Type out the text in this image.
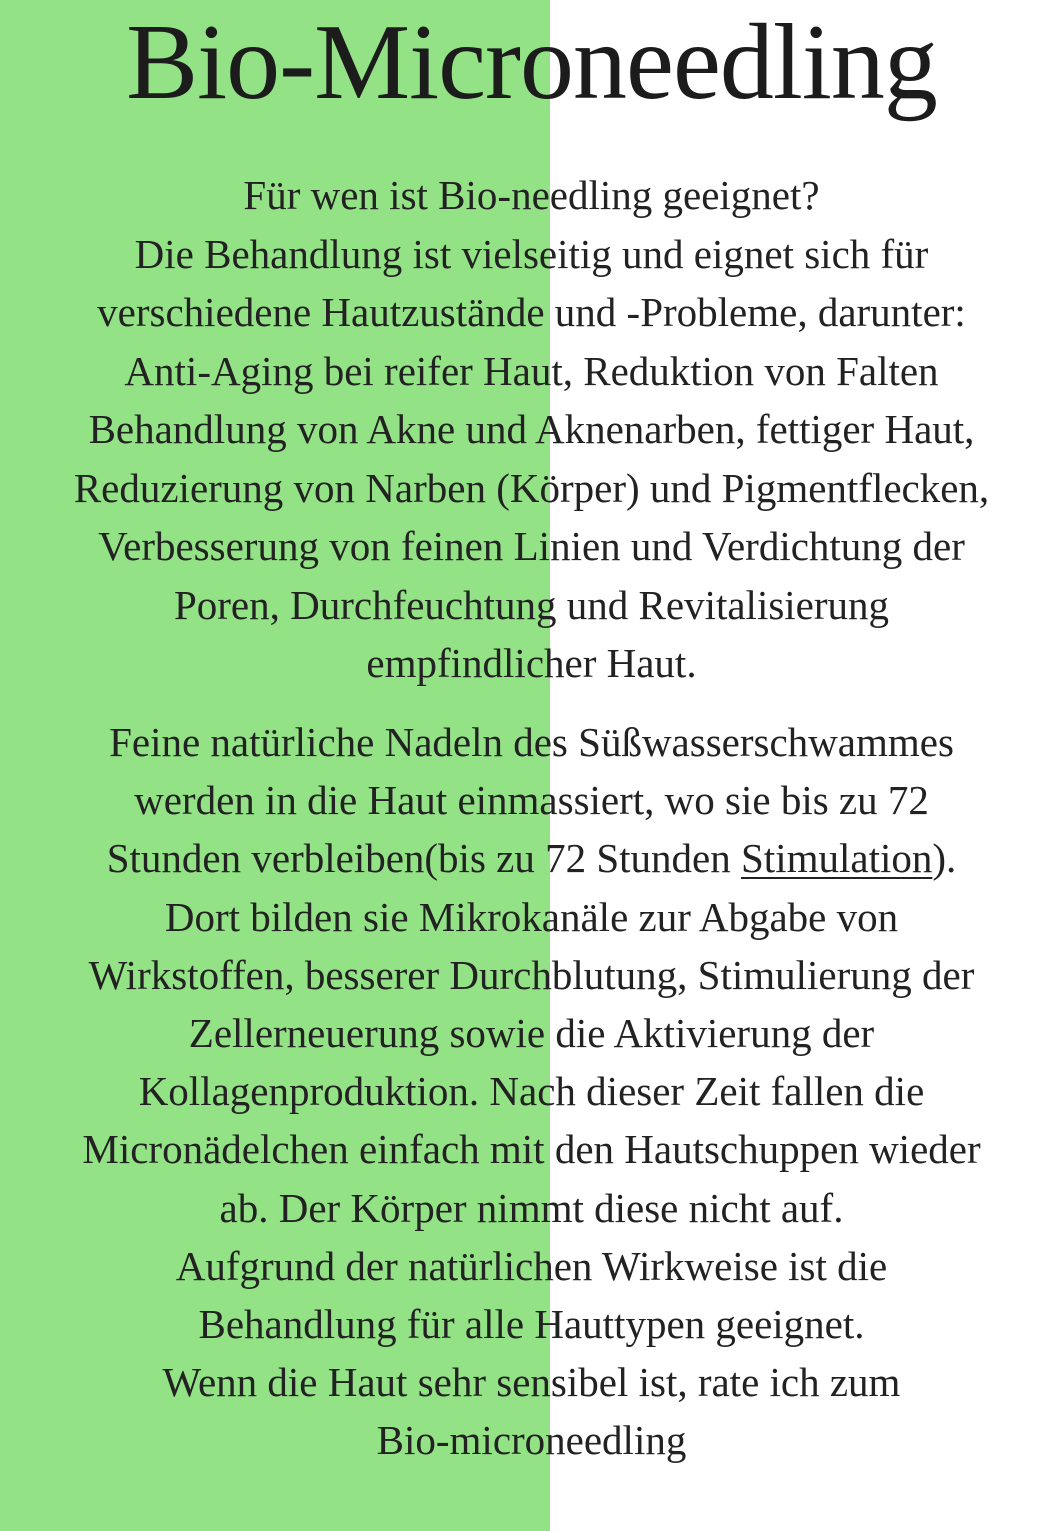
Bio-Microneedling
Für wen ist Bio-needling geeignet?
Die Behandlung ist vielseitig und eignet sich für
verschiedene Hautzustände und -Probleme, darunter:
Anti-Aging bei reifer Haut, Reduktion von Falten
Behandlung von Akne und Aknenarben, fettiger Haut,
Reduzierung von Narben (Körper) und Pigmentflecken,
Verbesserung von feinen Linien und Verdichtung der
Poren, Durchfeuchtung und Revitalisierung
empfindlicher Haut.
Feine natürliche Nadeln des Süßwasserschwammes
werden in die Haut einmassiert, wo sie bis zu 72
Stunden verbleiben(bis zu 72 Stunden Stimulation).
Dort bilden sie Mikrokanäle zur Abgabe von
Wirkstoffen, besserer Durchblutung, Stimulierung der
Zellerneuerung sowie die Aktivierung der
Kollagenproduktion. Nach dieser Zeit fallen die
Micronädelchen einfach mit den Hautschuppen wieder
ab. Der Körper nimmt diese nicht auf.
Aufgrund der natürlichen Wirkweise ist die
Behandlung für alle Hauttypen geeignet.
Wenn die Haut sehr sensibel ist, rate ich zum
Bio-microneedling
